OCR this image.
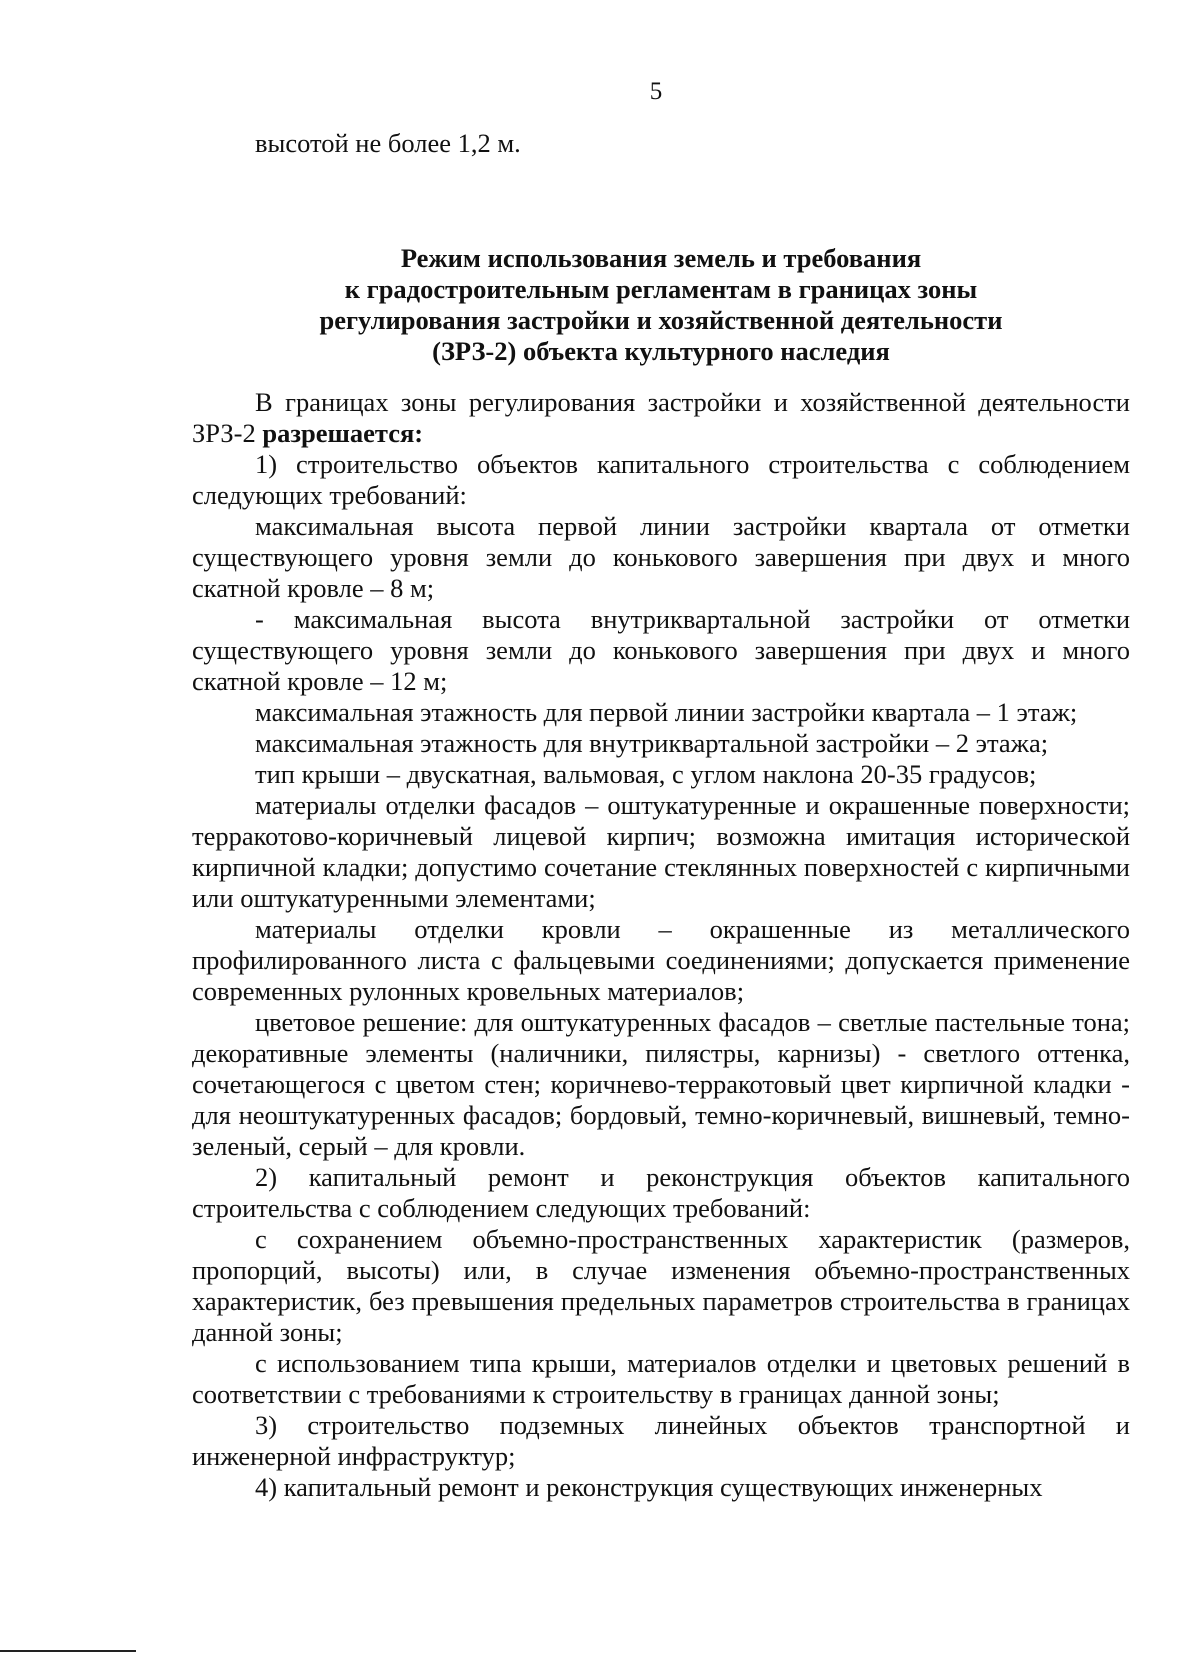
5

высотой не более 1,2 м.

Режим использования земель и требования
к градостроительным регламентам в границах зоны
регулирования застройки и хозяйственной деятельности
(ЗРЗ-2) объекта культурного наследия

В границах зоны регулирования застройки и хозяйственной деятельности ЗРЗ-2 разрешается:

1) строительство объектов капитального строительства с соблюдением следующих требований:

максимальная высота первой линии застройки квартала от отметки существующего уровня земли до конькового завершения при двух и много скатной кровле – 8 м;

- максимальная высота внутриквартальной застройки от отметки существующего уровня земли до конькового завершения при двух и много скатной кровле – 12 м;

максимальная этажность для первой линии застройки квартала – 1 этаж;

максимальная этажность для внутриквартальной застройки – 2 этажа;

тип крыши – двускатная, вальмовая, с углом наклона 20-35 градусов;

материалы отделки фасадов – оштукатуренные и окрашенные поверхности; терракотово-коричневый лицевой кирпич; возможна имитация исторической кирпичной кладки; допустимо сочетание стеклянных поверхностей с кирпичными или оштукатуренными элементами;

материалы отделки кровли – окрашенные из металлического профилированного листа с фальцевыми соединениями; допускается применение современных рулонных кровельных материалов;

цветовое решение: для оштукатуренных фасадов – светлые пастельные тона; декоративные элементы (наличники, пилястры, карнизы) - светлого оттенка, сочетающегося с цветом стен; коричнево-терракотовый цвет кирпичной кладки - для неоштукатуренных фасадов; бордовый, темно-коричневый, вишневый, темно-зеленый, серый – для кровли.

2) капитальный ремонт и реконструкция объектов капитального строительства с соблюдением следующих требований:

с сохранением объемно-пространственных характеристик (размеров, пропорций, высоты) или, в случае изменения объемно-пространственных характеристик, без превышения предельных параметров строительства в границах данной зоны;

с использованием типа крыши, материалов отделки и цветовых решений в соответствии с требованиями к строительству в границах данной зоны;

3) строительство подземных линейных объектов транспортной и инженерной инфраструктур;

4) капитальный ремонт и реконструкция существующих инженерных
